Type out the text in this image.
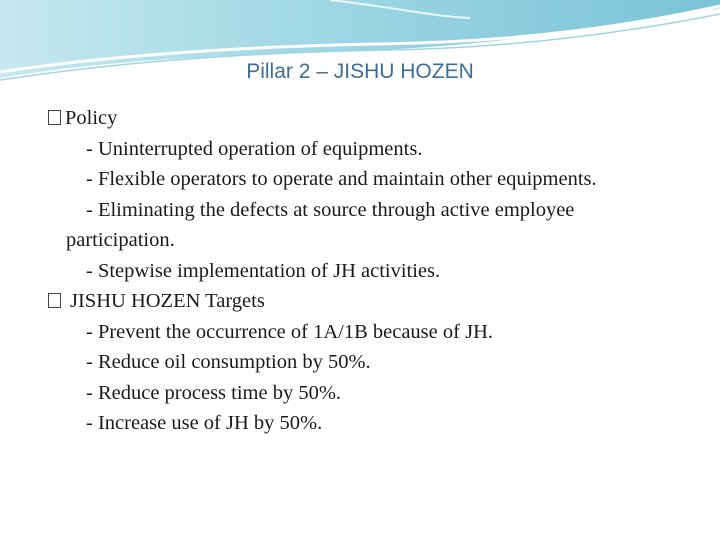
Pillar 2 – JISHU HOZEN
Policy
- Uninterrupted operation of equipments.
- Flexible operators to operate and maintain other equipments.
- Eliminating the defects at source through active employee participation.
- Stepwise implementation of JH activities.
JISHU HOZEN Targets
- Prevent the occurrence of 1A/1B because of JH.
- Reduce oil consumption by 50%.
- Reduce process time by 50%.
- Increase use of JH by 50%.
